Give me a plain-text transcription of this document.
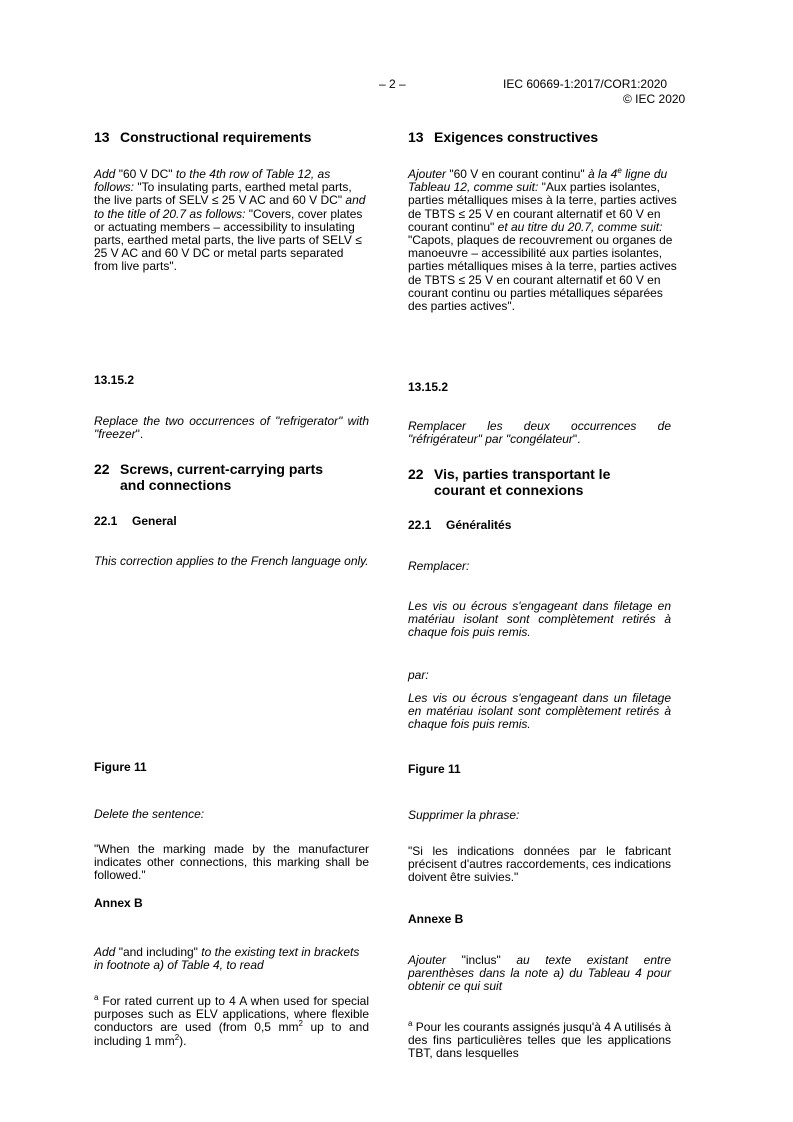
– 2 –	IEC 60669-1:2017/COR1:2020
© IEC 2020
13 Constructional requirements

Add "60 V DC" to the 4th row of Table 12, as follows: "To insulating parts, earthed metal parts, the live parts of SELV ≤ 25 V AC and 60 V DC" and to the title of 20.7 as follows: "Covers, cover plates or actuating members – accessibility to insulating parts, earthed metal parts, the live parts of SELV ≤ 25 V AC and 60 V DC or metal parts separated from live parts".

13.15.2

Replace the two occurrences of "refrigerator" with "freezer".

22 Screws, current-carrying parts
and connections
22.1 General

This correction applies to the French language only.

Figure 11

Delete the sentence:

"When the marking made by the manufacturer indicates other connections, this marking shall be followed."

Annex B

Add "and including" to the existing text in brackets in footnote a) of Table 4, to read

$^a$ For rated current up to 4 A when used for special purposes such as ELV applications, where flexible conductors are used (from 0,5 $mm^2$ up to and including 1 $mm^2$).

13 Exigences constructives

Ajouter "60 V en courant continu" à la 4e ligne du Tableau 12, comme suit: "Aux parties isolantes, parties métalliques mises à la terre, parties actives de TBTS ≤ 25 V en courant alternatif et 60 V en courant continu" et au titre du 20.7, comme suit: "Capots, plaques de recouvrement ou organes de manoeuvre – accessibilité aux parties isolantes, parties métalliques mises à la terre, parties actives de TBTS ≤ 25 V en courant alternatif et 60 V en courant continu ou parties métalliques séparées des parties actives".

13.15.2

Remplacer les deux occurrences de "réfrigérateur" par "congélateur".

22 Vis, parties transportant le
courant et connexions
22.1 Généralités

Remplacer:

Les vis ou écrous s'engageant dans filetage en matériau isolant sont complètement retirés à chaque fois puis remis.

par:

Les vis ou écrous s'engageant dans un filetage en matériau isolant sont complètement retirés à chaque fois puis remis.

Figure 11

Supprimer la phrase:

"Si les indications données par le fabricant précisent d'autres raccordements, ces indications doivent être suivies."

Annexe B

Ajouter "inclus" au texte existant entre parenthèses dans la note a) du Tableau 4 pour obtenir ce qui suit

$^a$ Pour les courants assignés jusqu'à 4 A utilisés à des fins particulières telles que les applications TBT, dans lesquelles
